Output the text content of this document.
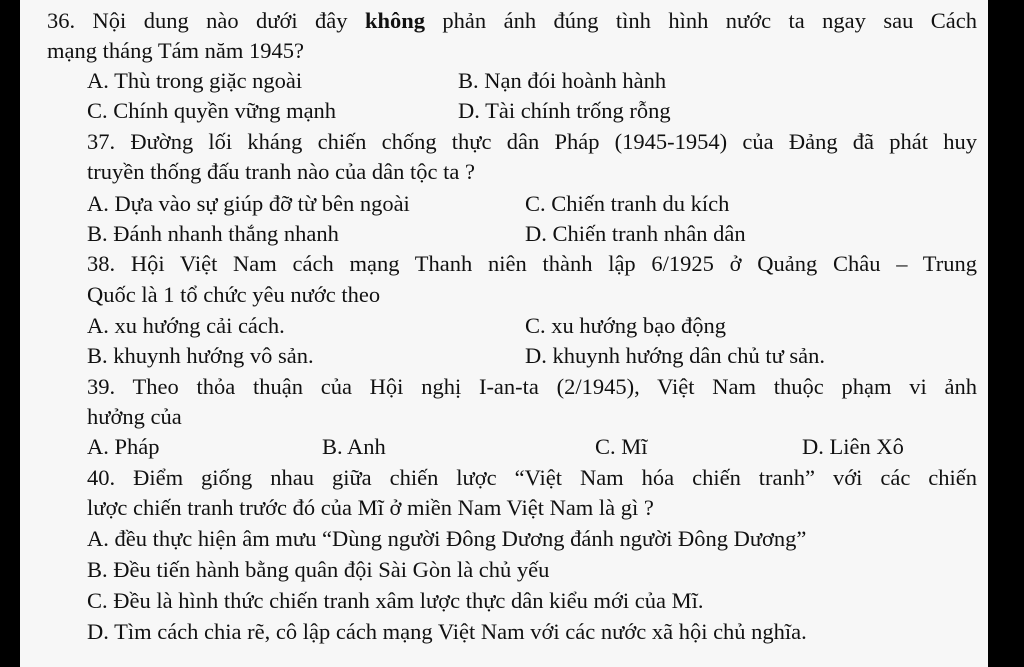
36. Nội dung nào dưới đây không phản ánh đúng tình hình nước ta ngay sau Cách
mạng tháng Tám năm 1945?
A. Thù trong giặc ngoài	B. Nạn đói hoành hành
C. Chính quyền vững mạnh	D. Tài chính trống rỗng
37. Đường lối kháng chiến chống thực dân Pháp (1945-1954) của Đảng đã phát huy
truyền thống đấu tranh nào của dân tộc ta ?
A. Dựa vào sự giúp đỡ từ bên ngoài	C. Chiến tranh du kích
B. Đánh nhanh thắng nhanh	D. Chiến tranh nhân dân
38. Hội Việt Nam cách mạng Thanh niên thành lập 6/1925 ở Quảng Châu – Trung
Quốc là 1 tổ chức yêu nước theo
A. xu hướng cải cách.	C. xu hướng bạo động
B. khuynh hướng vô sản.	D. khuynh hướng dân chủ tư sản.
39. Theo thỏa thuận của Hội nghị I-an-ta (2/1945), Việt Nam thuộc phạm vi ảnh
hưởng của
A. Pháp	B. Anh	C. Mĩ	D. Liên Xô
40. Điểm giống nhau giữa chiến lược “Việt Nam hóa chiến tranh” với các chiến
lược chiến tranh trước đó của Mĩ ở miền Nam Việt Nam là gì ?
A. đều thực hiện âm mưu “Dùng người Đông Dương đánh người Đông Dương”
B. Đều tiến hành bằng quân đội Sài Gòn là chủ yếu
C. Đều là hình thức chiến tranh xâm lược thực dân kiểu mới của Mĩ.
D. Tìm cách chia rẽ, cô lập cách mạng Việt Nam với các nước xã hội chủ nghĩa.
